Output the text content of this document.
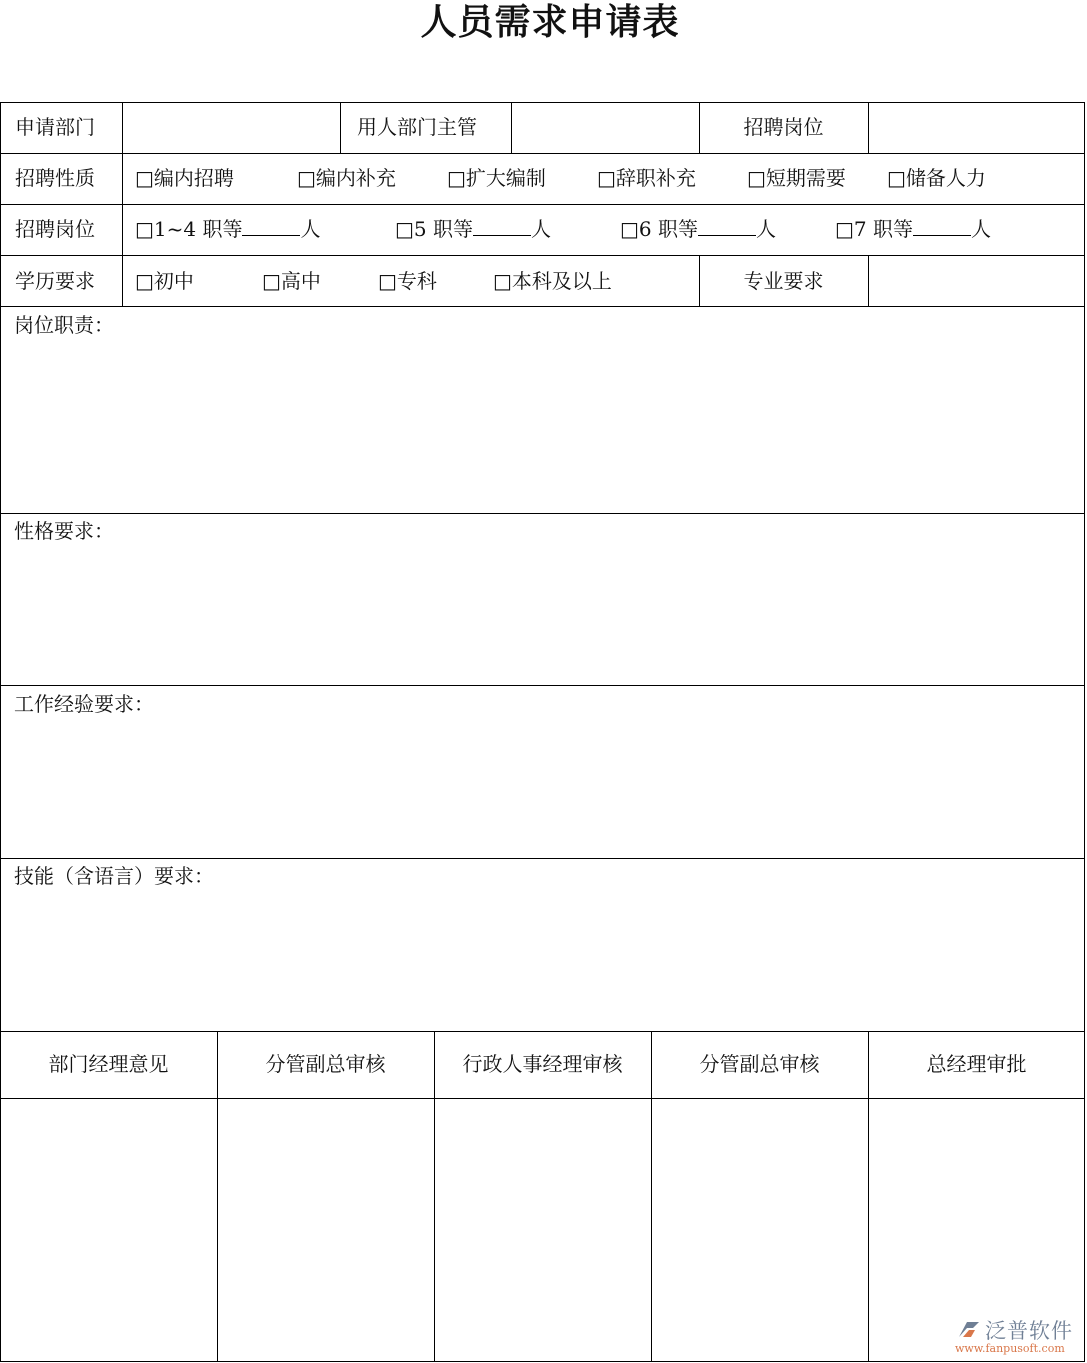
人员需求申请表
申请部门	用人部门主管	招聘岗位
招聘性质 □编内招聘	□编内补充	□扩大编制	□辞职补充	□短期需要 □储备人力
招聘岗位 □1~4 职等	人	□5 职等	人	□6 职等	人	□7 职等	人
学历要求 □初中	□高中	□专科	□本科及以上	专业要求
岗位职责：
性格要求：
工作经验要求：
技能（含语言）要求：
部门经理意见	分管副总审核	行政人事经理审核	分管副总审核	总经理审批
泛普软件
www.fanpusoft.com
